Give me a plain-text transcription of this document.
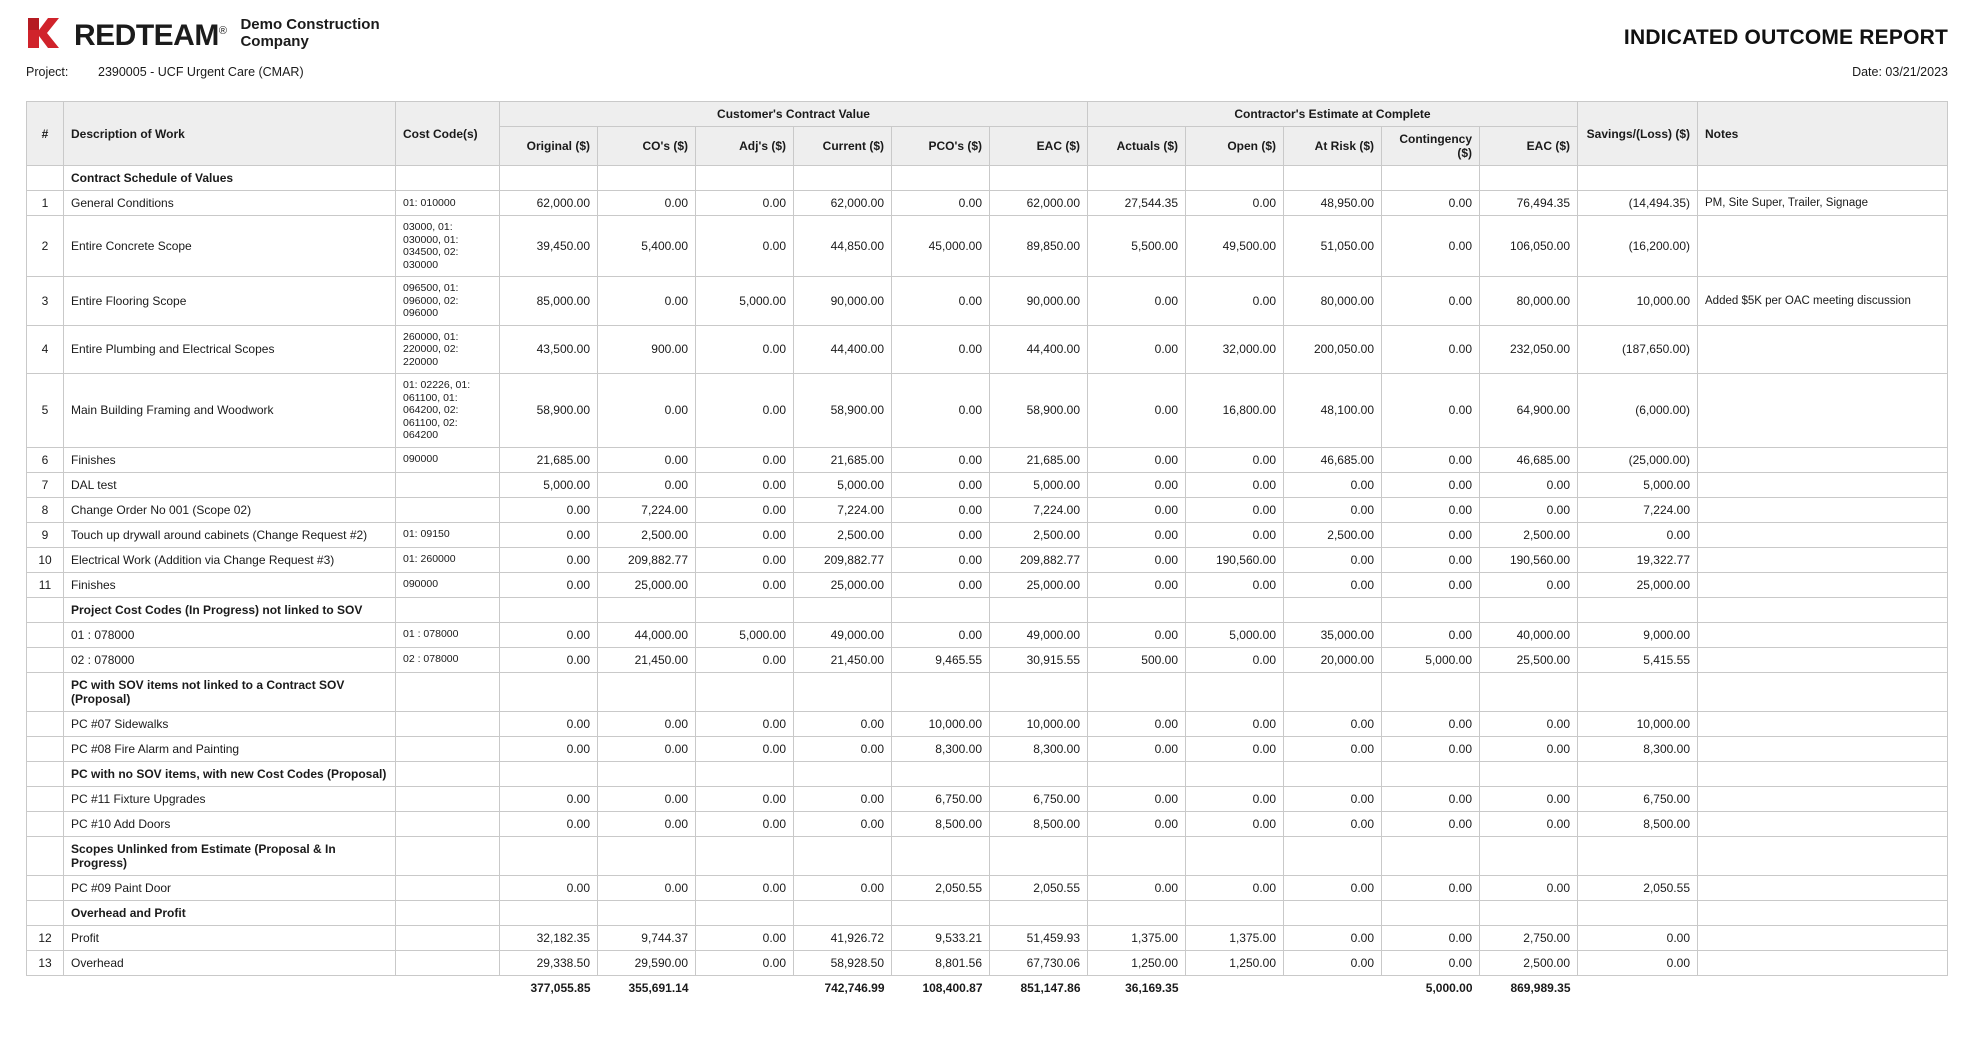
REDTEAM® Demo Construction Company	INDICATED OUTCOME REPORT
Project:	2390005 - UCF Urgent Care (CMAR)	Date: 03/21/2023
#	Description of Work	Cost Code(s)	Customer's Contract Value						Contractor's Estimate at Complete					Savings/(Loss) ($)	Notes
			Original ($)	CO's ($)	Adj's ($)	Current ($)	PCO's ($)	EAC ($)	Actuals ($)	Open ($)	At Risk ($)	Contingency ($)	EAC ($)		
	Contract Schedule of Values														
1	General Conditions	01: 010000	62,000.00	0.00	0.00	62,000.00	0.00	62,000.00	27,544.35	0.00	48,950.00	0.00	76,494.35	(14,494.35)	PM, Site Super, Trailer, Signage
2	Entire Concrete Scope	03000, 01: 030000, 01: 034500, 02: 030000	39,450.00	5,400.00	0.00	44,850.00	45,000.00	89,850.00	5,500.00	49,500.00	51,050.00	0.00	106,050.00	(16,200.00)	
3	Entire Flooring Scope	096500, 01: 096000, 02: 096000	85,000.00	0.00	5,000.00	90,000.00	0.00	90,000.00	0.00	0.00	80,000.00	0.00	80,000.00	10,000.00	Added $5K per OAC meeting discussion
4	Entire Plumbing and Electrical Scopes	260000, 01: 220000, 02: 220000	43,500.00	900.00	0.00	44,400.00	0.00	44,400.00	0.00	32,000.00	200,050.00	0.00	232,050.00	(187,650.00)	
5	Main Building Framing and Woodwork	01: 02226, 01: 061100, 01: 064200, 02: 061100, 02: 064200	58,900.00	0.00	0.00	58,900.00	0.00	58,900.00	0.00	16,800.00	48,100.00	0.00	64,900.00	(6,000.00)	
6	Finishes	090000	21,685.00	0.00	0.00	21,685.00	0.00	21,685.00	0.00	0.00	46,685.00	0.00	46,685.00	(25,000.00)	
7	DAL test		5,000.00	0.00	0.00	5,000.00	0.00	5,000.00	0.00	0.00	0.00	0.00	0.00	5,000.00	
8	Change Order No 001 (Scope 02)		0.00	7,224.00	0.00	7,224.00	0.00	7,224.00	0.00	0.00	0.00	0.00	0.00	7,224.00	
9	Touch up drywall around cabinets (Change Request #2)	01: 09150	0.00	2,500.00	0.00	2,500.00	0.00	2,500.00	0.00	0.00	2,500.00	0.00	2,500.00	0.00	
10	Electrical Work (Addition via Change Request #3)	01: 260000	0.00	209,882.77	0.00	209,882.77	0.00	209,882.77	0.00	190,560.00	0.00	0.00	190,560.00	19,322.77	
11	Finishes	090000	0.00	25,000.00	0.00	25,000.00	0.00	25,000.00	0.00	0.00	0.00	0.00	0.00	25,000.00	
	Project Cost Codes (In Progress) not linked to SOV														
	01 : 078000	01 : 078000	0.00	44,000.00	5,000.00	49,000.00	0.00	49,000.00	0.00	5,000.00	35,000.00	0.00	40,000.00	9,000.00	
	02 : 078000	02 : 078000	0.00	21,450.00	0.00	21,450.00	9,465.55	30,915.55	500.00	0.00	20,000.00	5,000.00	25,500.00	5,415.55	
	PC with SOV items not linked to a Contract SOV (Proposal)														
	PC #07 Sidewalks		0.00	0.00	0.00	0.00	10,000.00	10,000.00	0.00	0.00	0.00	0.00	0.00	10,000.00	
	PC #08 Fire Alarm and Painting		0.00	0.00	0.00	0.00	8,300.00	8,300.00	0.00	0.00	0.00	0.00	0.00	8,300.00	
	PC with no SOV items, with new Cost Codes (Proposal)														
	PC #11 Fixture Upgrades		0.00	0.00	0.00	0.00	6,750.00	6,750.00	0.00	0.00	0.00	0.00	0.00	6,750.00	
	PC #10 Add Doors		0.00	0.00	0.00	0.00	8,500.00	8,500.00	0.00	0.00	0.00	0.00	0.00	8,500.00	
	Scopes Unlinked from Estimate (Proposal & In Progress)														
	PC #09 Paint Door		0.00	0.00	0.00	0.00	2,050.55	2,050.55	0.00	0.00	0.00	0.00	0.00	2,050.55	
	Overhead and Profit														
12	Profit		32,182.35	9,744.37	0.00	41,926.72	9,533.21	51,459.93	1,375.00	1,375.00	0.00	0.00	2,750.00	0.00	
13	Overhead		29,338.50	29,590.00	0.00	58,928.50	8,801.56	67,730.06	1,250.00	1,250.00	0.00	0.00	2,500.00	0.00	
			377,055.85	355,691.14		742,746.99	108,400.87	851,147.86	36,169.35			5,000.00	869,989.35		
